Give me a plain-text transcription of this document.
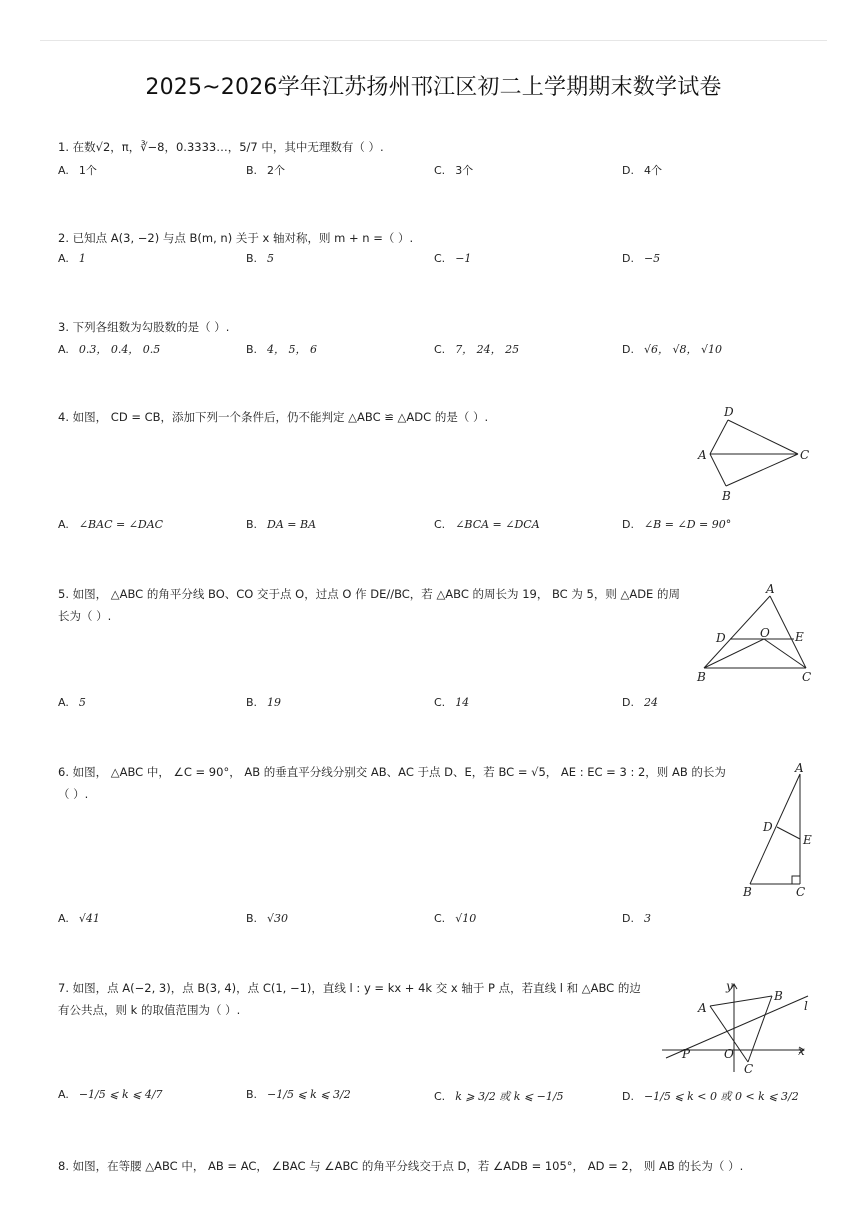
2025~2026学年江苏扬州邗江区初二上学期期末数学试卷
1. 在数√2，π，∛−8，0.3333…，5/7 中，其中无理数有（ ）.
A. 1个	B. 2个	C. 3个	D. 4个
2. 已知点 A(3, −2) 与点 B(m, n) 关于 x 轴对称，则 m + n =（ ）.
A. 1	B. 5	C. −1	D. −5
3. 下列各组数为勾股数的是（ ）.
A. 0.3， 0.4， 0.5	B. 4， 5， 6	C. 7， 24， 25	D. √6， √8， √10
4. 如图， CD = CB，添加下列一个条件后，仍不能判定 △ABC ≌ △ADC 的是（ ）.	D
A	C
B
A. ∠BAC = ∠DAC	B. DA = BA	C. ∠BCA = ∠DCA	D. ∠B = ∠D = 90°
5. 如图， △ABC 的角平分线 BO、CO 交于点 O，过点 O 作 DE//BC，若 △ABC 的周长为 19， BC 为 5，则 △ADE 的周长为（ ）.
A
D	O E
B	C
A. 5	B. 19	C. 14	D. 24
6. 如图， △ABC 中， ∠C = 90°， AB 的垂直平分线分别交 AB、AC 于点 D、E，若 BC = √5， AE : EC = 3 : 2，则 AB 的长为（ ）.
A
D
E
B	C
A. √41	B. √30	C. √10	D. 3
7. 如图，点 A(−2, 3)，点 B(3, 4)，点 C(1, −1)，直线 l : y = kx + 4k 交 x 轴于 P 点，若直线 l 和 △ABC 的边有公共点，则 k 的取值范围为（ ）.
y
B
A	l
P	O
C
x
A. −1/5 ⩽ k ⩽ 4/7	B. −1/5 ⩽ k ⩽ 3/2	C. k ⩾ 3/2 或 k ⩽ −1/5	D. −1/5 ⩽ k < 0 或 0 < k ⩽ 3/2
8. 如图，在等腰 △ABC 中， AB = AC， ∠BAC 与 ∠ABC 的角平分线交于点 D，若 ∠ADB = 105°， AD = 2， 则 AB 的长为（ ）.
